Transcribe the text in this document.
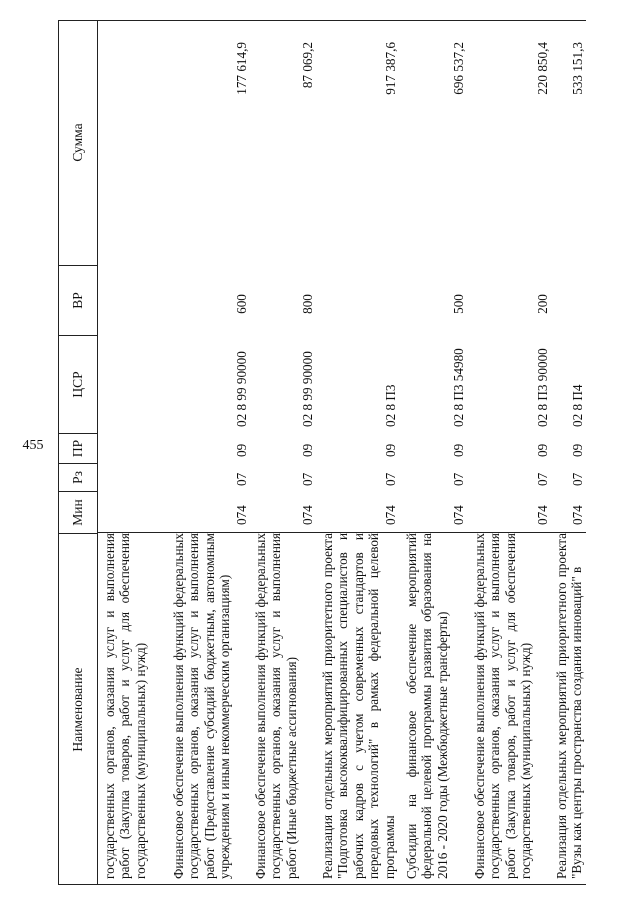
455
Наименование
Мин
Рз
ПР
ЦСР
ВР
Сумма
государственных органов, оказания услуг и выполнения работ (Закупка товаров, работ и услуг для обеспечения государственных (муниципальных) нужд) Финансовое обеспечение выполнения функций федеральных государственных органов, оказания услуг и выполнения работ (Предоставление субсидий бюджетным, автономным учреждениям и иным некоммерческим организациям)
074
07
09
02 8 99 90000
600
177 614,9
Финансовое обеспечение выполнения функций федеральных государственных органов, оказания услуг и выполнения работ (Иные бюджетные ассигнования)
074
07
09
02 8 99 90000
800
87 069,2
Реализация отдельных мероприятий приоритетного проекта "Подготовка высококвалифицированных специалистов и рабочих кадров с учетом современных стандартов и передовых технологий" в рамках федеральной целевой программы
074
07
09
02 8 П3
917 387,6
Субсидии на финансовое обеспечение мероприятий федеральной целевой программы развития образования на 2016 - 2020 годы (Межбюджетные трансферты)
074
07
09
02 8 П3 54980
500
696 537,2
Финансовое обеспечение выполнения функций федеральных государственных органов, оказания услуг и выполнения работ (Закупка товаров, работ и услуг для обеспечения государственных (муниципальных) нужд)
074
07
09
02 8 П3 90000
200
220 850,4
Реализация отдельных мероприятий приоритетного проекта "Вузы как центры пространства создания инноваций" в
074
07
09
02 8 П4
533 151,3
